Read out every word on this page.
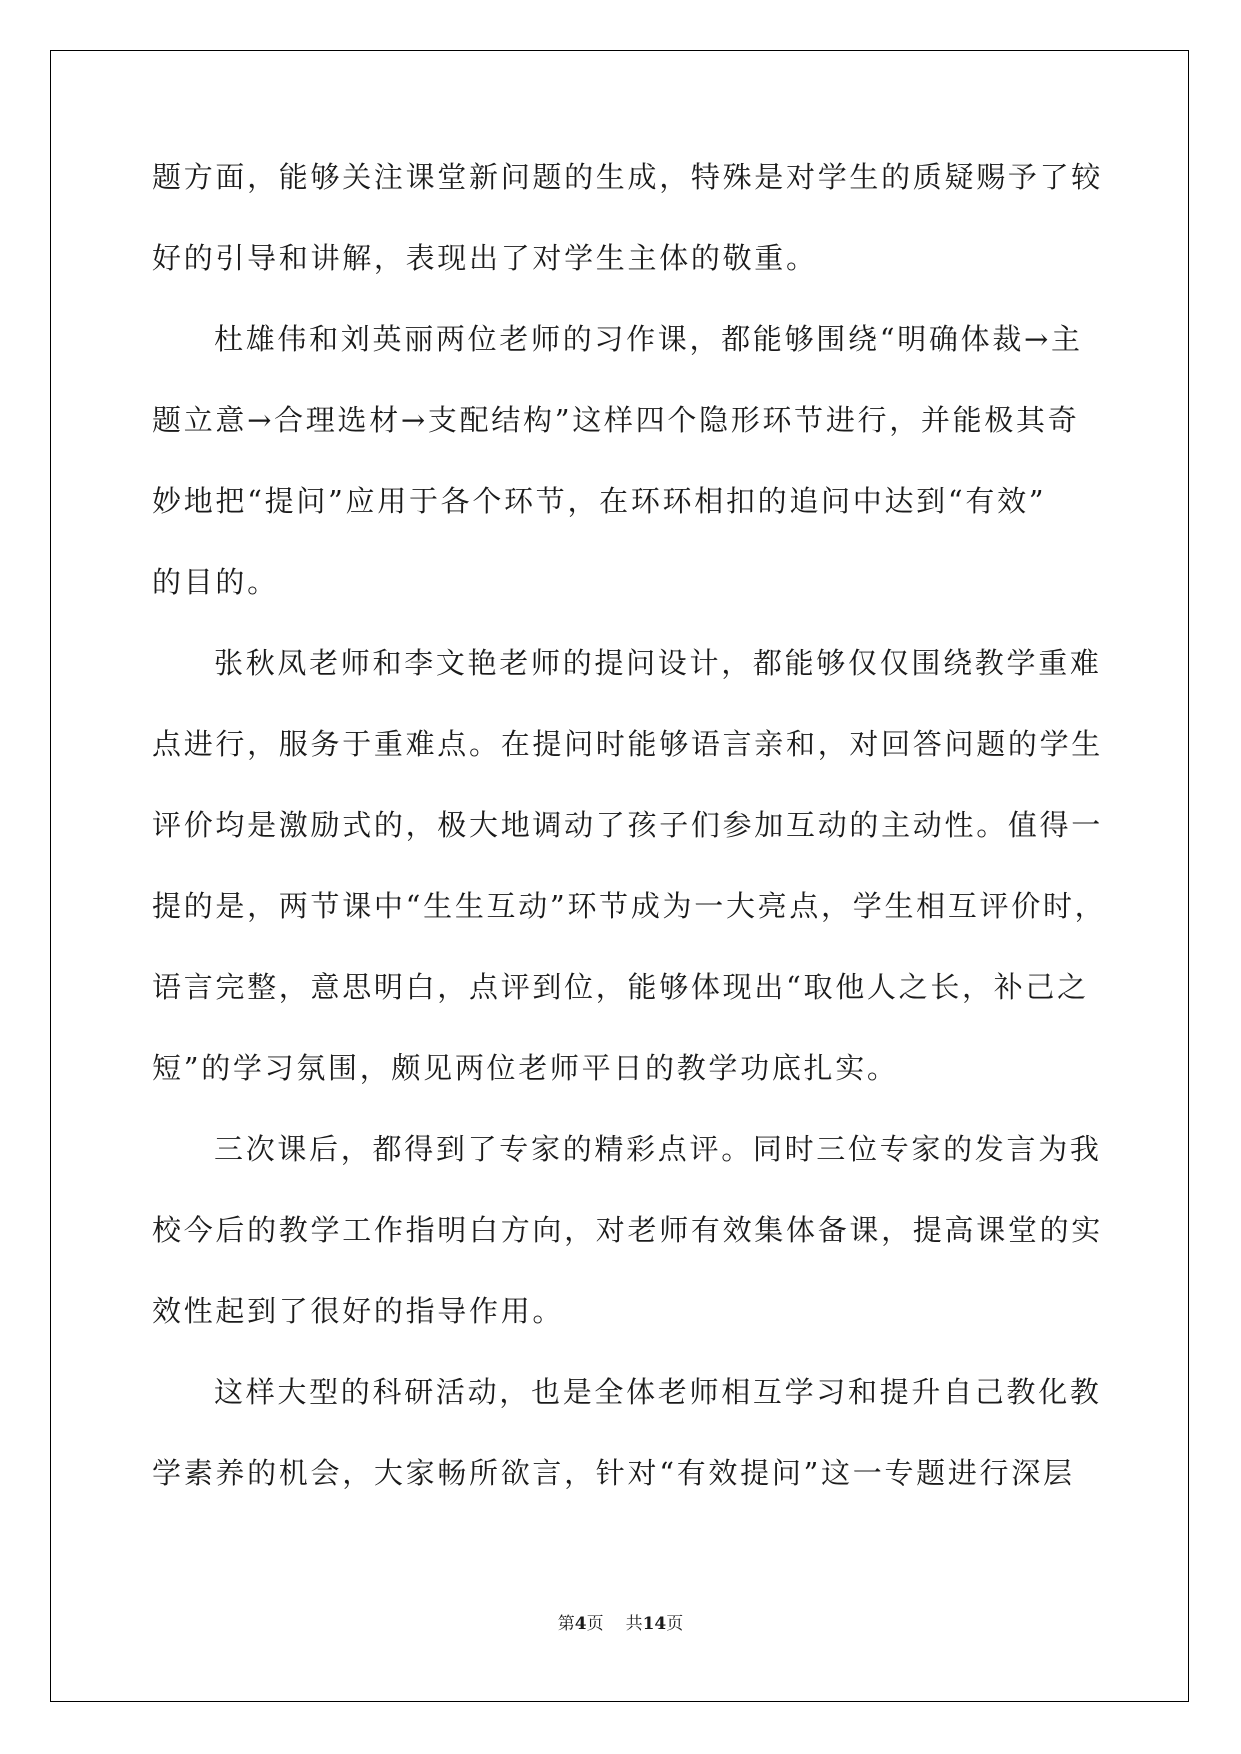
题方面，能够关注课堂新问题的生成，特殊是对学生的质疑赐予了较
好的引导和讲解，表现出了对学生主体的敬重。
杜雄伟和刘英丽两位老师的习作课，都能够围绕“明确体裁→主
题立意→合理选材→支配结构”这样四个隐形环节进行，并能极其奇
妙地把“提问”应用于各个环节，在环环相扣的追问中达到“有效”
的目的。
张秋凤老师和李文艳老师的提问设计，都能够仅仅围绕教学重难
点进行，服务于重难点。在提问时能够语言亲和，对回答问题的学生
评价均是激励式的，极大地调动了孩子们参加互动的主动性。值得一
提的是，两节课中“生生互动”环节成为一大亮点，学生相互评价时，
语言完整，意思明白，点评到位，能够体现出“取他人之长，补己之
短”的学习氛围，颇见两位老师平日的教学功底扎实。
三次课后，都得到了专家的精彩点评。同时三位专家的发言为我
校今后的教学工作指明白方向，对老师有效集体备课，提高课堂的实
效性起到了很好的指导作用。
这样大型的科研活动，也是全体老师相互学习和提升自己教化教
学素养的机会，大家畅所欲言，针对“有效提问”这一专题进行深层
第4页 共14页
